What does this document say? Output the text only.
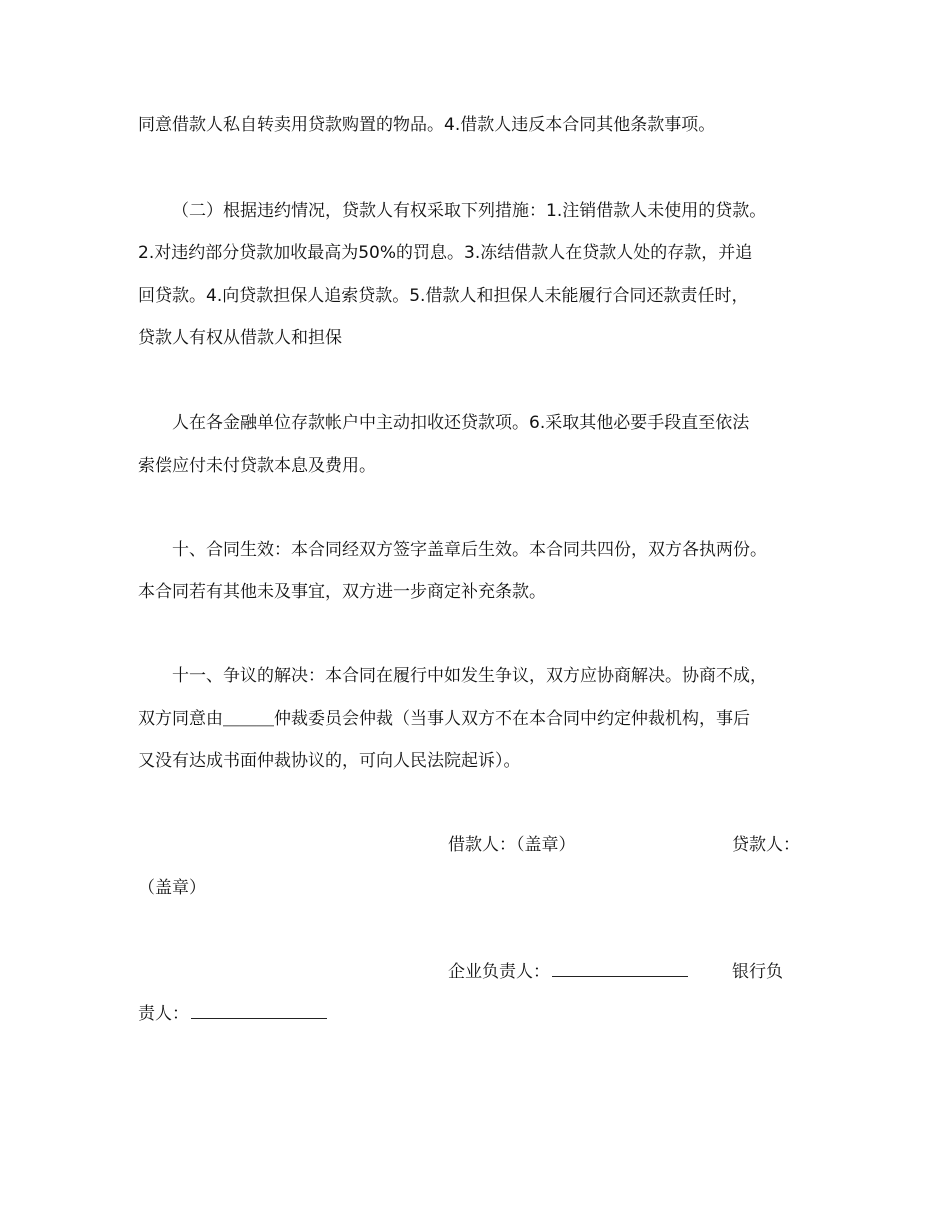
同意借款人私自转卖用贷款购置的物品。4.借款人违反本合同其他条款事项。
（二）根据违约情况，贷款人有权采取下列措施：1.注销借款人未使用的贷款。
2.对违约部分贷款加收最高为50%的罚息。3.冻结借款人在贷款人处的存款，并追
回贷款。4.向贷款担保人追索贷款。5.借款人和担保人未能履行合同还款责任时，
贷款人有权从借款人和担保
人在各金融单位存款帐户中主动扣收还贷款项。6.采取其他必要手段直至依法
索偿应付未付贷款本息及费用。
十、合同生效：本合同经双方签字盖章后生效。本合同共四份，双方各执两份。
本合同若有其他未及事宜，双方进一步商定补充条款。
十一、争议的解决：本合同在履行中如发生争议，双方应协商解决。协商不成，
双方同意由＿＿＿仲裁委员会仲裁（当事人双方不在本合同中约定仲裁机构，事后
又没有达成书面仲裁协议的，可向人民法院起诉）。
借款人：（盖章）	贷款人：
（盖章）
企业负责人：	银行负
责人：
